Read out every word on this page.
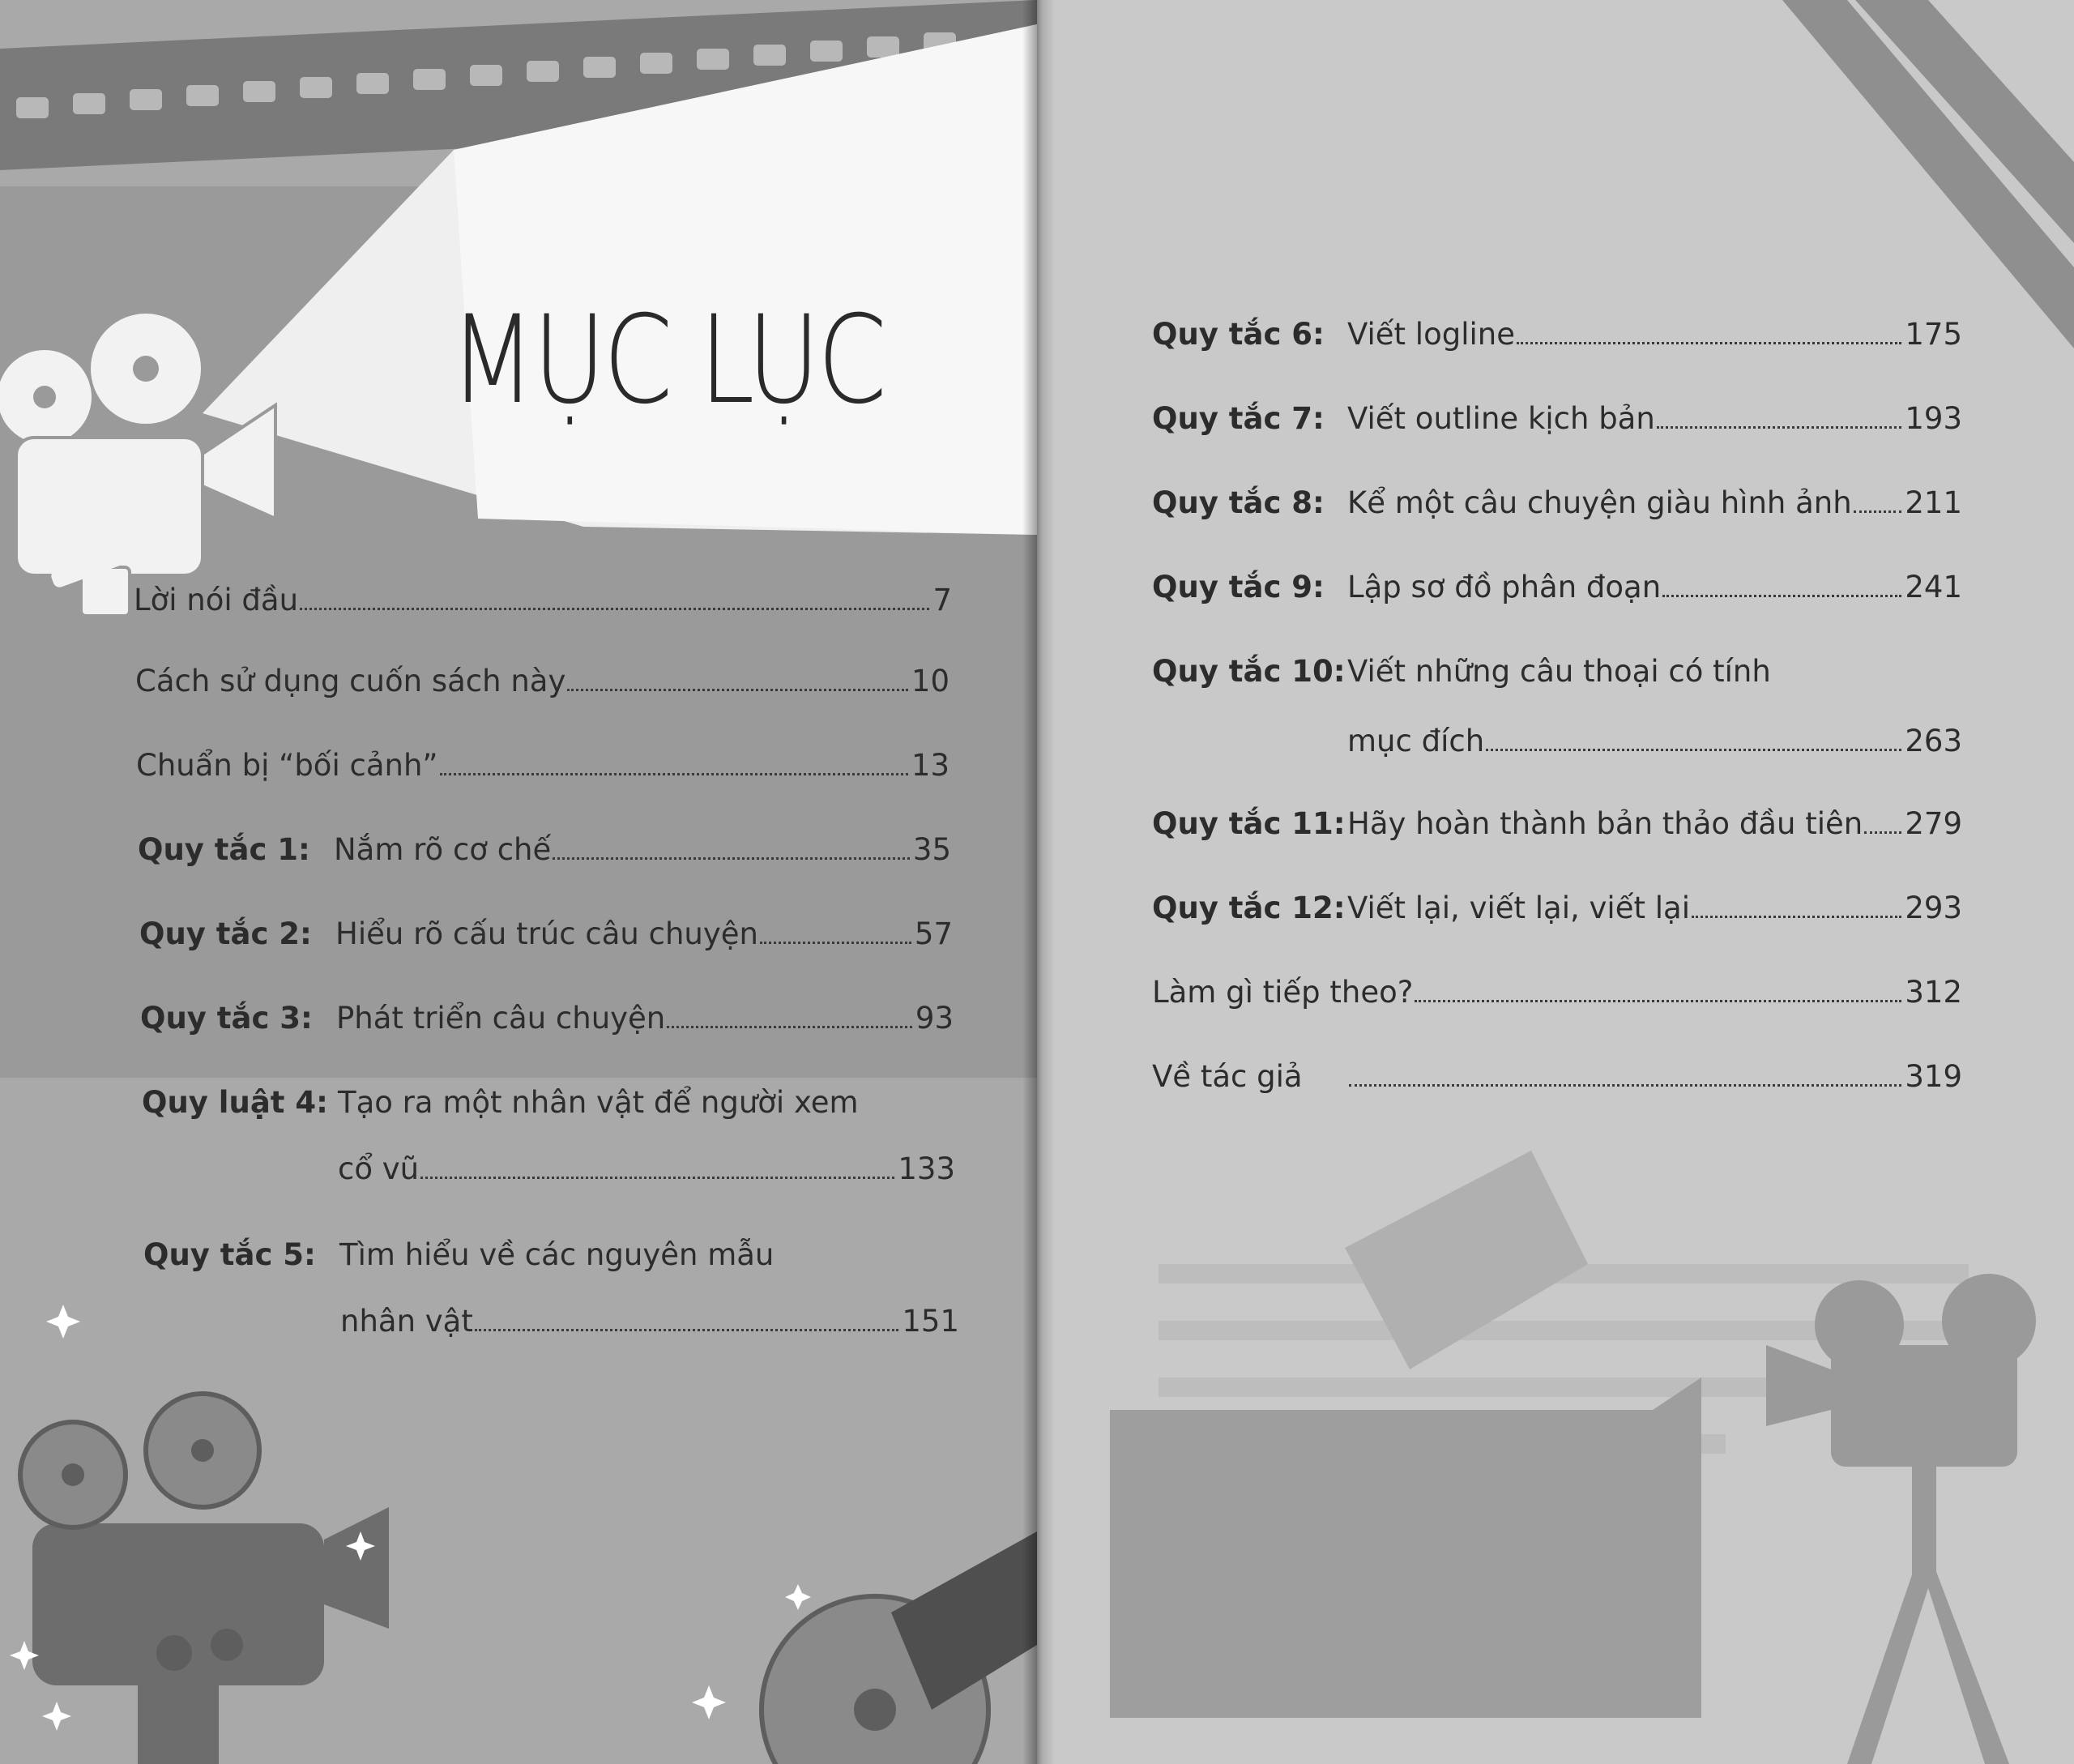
MỤC LỤC
Lời nói đầu	7
Cách sử dụng cuốn sách này	10
Chuẩn bị “bối cảnh”	13
Quy tắc 1: Nắm rõ cơ chế	35
Quy tắc 2: Hiểu rõ cấu trúc câu chuyện	57
Quy tắc 3: Phát triển câu chuyện	93
Quy luật 4: Tạo ra một nhân vật để người xem
cổ vũ	133
Quy tắc 5: Tìm hiểu về các nguyên mẫu
nhân vật	151
Quy tắc 6: Viết logline	175
Quy tắc 7: Viết outline kịch bản	193
Quy tắc 8: Kể một câu chuyện giàu hình ảnh 211
Quy tắc 9: Lập sơ đồ phân đoạn	241
Quy tắc 10: Viết những câu thoại có tính
mục đích	263
Quy tắc 11: Hãy hoàn thành bản thảo đầu tiên 279
Quy tắc 12: Viết lại, viết lại, viết lại	293
Làm gì tiếp theo?	312
Về tác giả	319
